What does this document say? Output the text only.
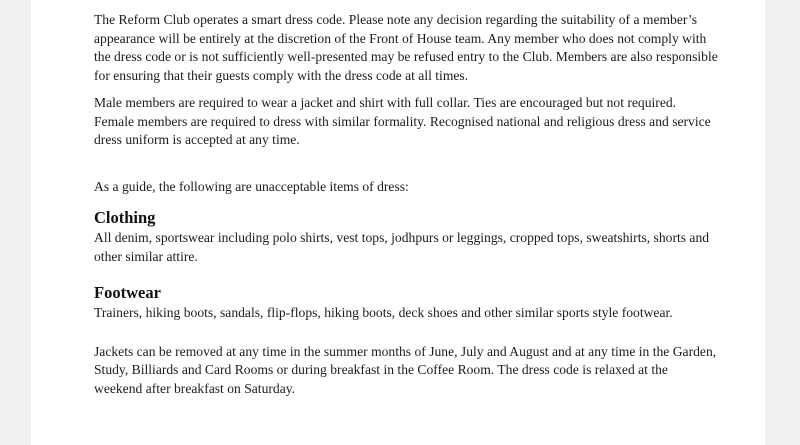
The Reform Club operates a smart dress code. Please note any decision regarding the suitability of a member’s appearance will be entirely at the discretion of the Front of House team. Any member who does not comply with the dress code or is not sufficiently well-presented may be refused entry to the Club. Members are also responsible for ensuring that their guests comply with the dress code at all times.

Male members are required to wear a jacket and shirt with full collar. Ties are encouraged but not required. Female members are required to dress with similar formality. Recognised national and religious dress and service dress uniform is accepted at any time.

As a guide, the following are unacceptable items of dress:

Clothing

All denim, sportswear including polo shirts, vest tops, jodhpurs or leggings, cropped tops, sweatshirts, shorts and other similar attire.

Footwear

Trainers, hiking boots, sandals, flip-flops, hiking boots, deck shoes and other similar sports style footwear.

Jackets can be removed at any time in the summer months of June, July and August and at any time in the Garden, Study, Billiards and Card Rooms or during breakfast in the Coffee Room. The dress code is relaxed at the weekend after breakfast on Saturday.
